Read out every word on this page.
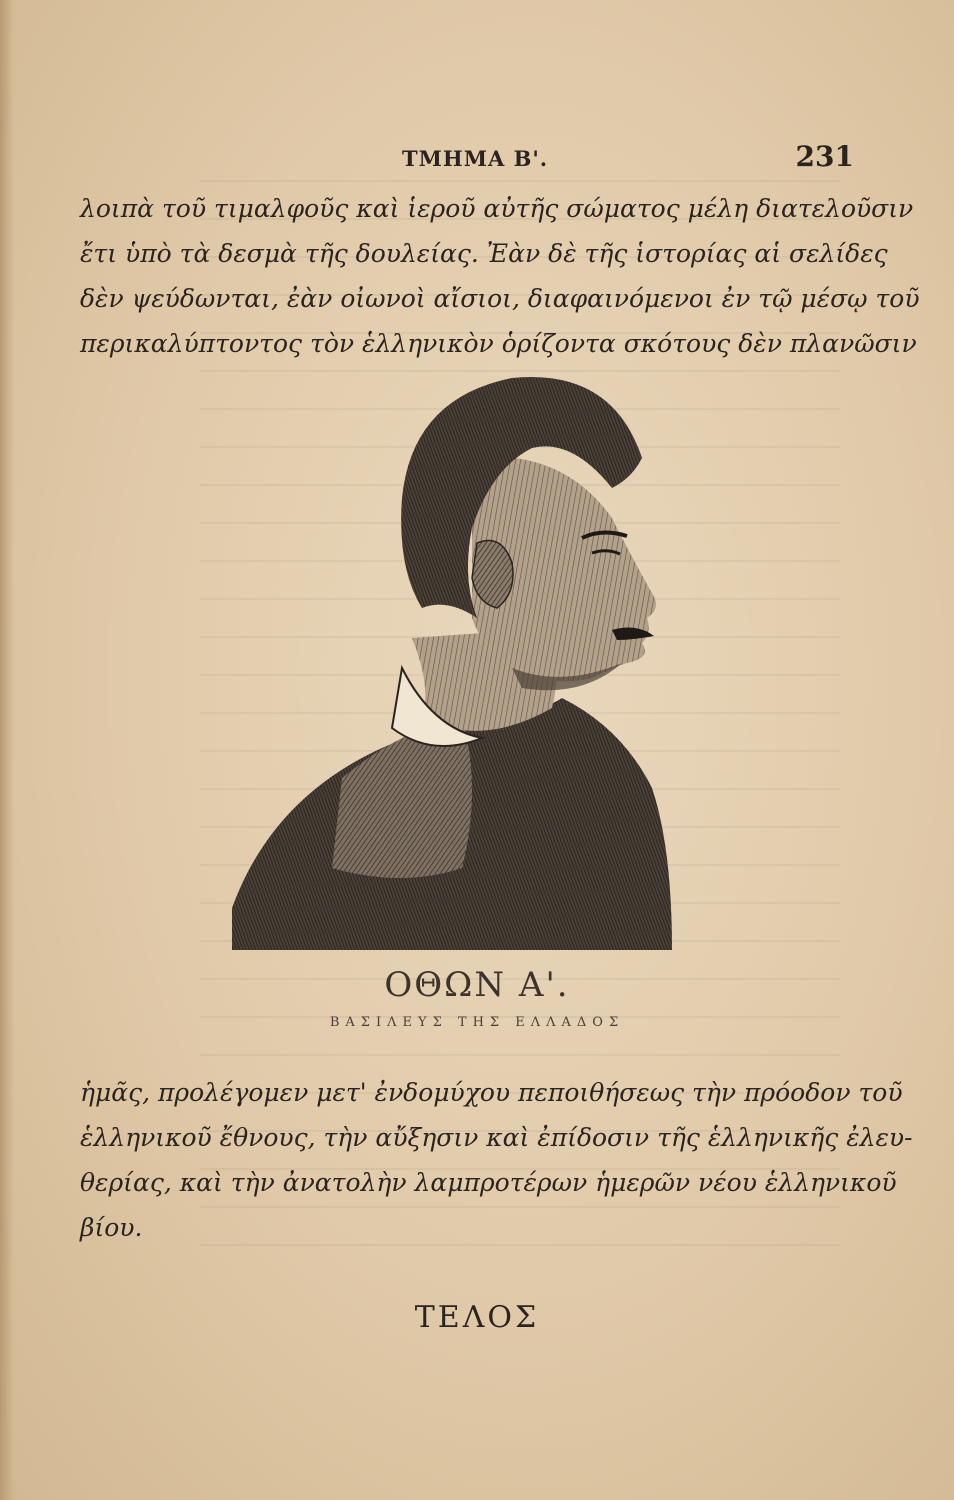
ΤΜΗΜΑ Β'.	231
λοιπὰ τοῦ τιμαλφοῦς καὶ ἱεροῦ αὐτῆς σώματος μέλη διατελοῦσιν
ἔτι ὑπὸ τὰ δεσμὰ τῆς δουλείας. Ἐὰν δὲ τῆς ἱστορίας αἱ σελίδες
δὲν ψεύδωνται, ἐὰν οἰωνοὶ αἴσιοι, διαφαινόμενοι ἐν τῷ μέσῳ τοῦ
περικαλύπτοντος τὸν ἑλληνικὸν ὁρίζοντα σκότους δὲν πλανῶσιν
ΟΘΩΝ Α'.
ΒΑΣΙΛΕΥΣ ΤΗΣ ΕΛΛΑΔΟΣ
ἡμᾶς, προλέγομεν μετ' ἐνδομύχου πεποιθήσεως τὴν πρόοδον τοῦ
ἑλληνικοῦ ἔθνους, τὴν αὔξησιν καὶ ἐπίδοσιν τῆς ἑλληνικῆς ἐλευ-
θερίας, καὶ τὴν ἀνατολὴν λαμπροτέρων ἡμερῶν νέου ἑλληνικοῦ
βίου.
ΤΕΛΟΣ
